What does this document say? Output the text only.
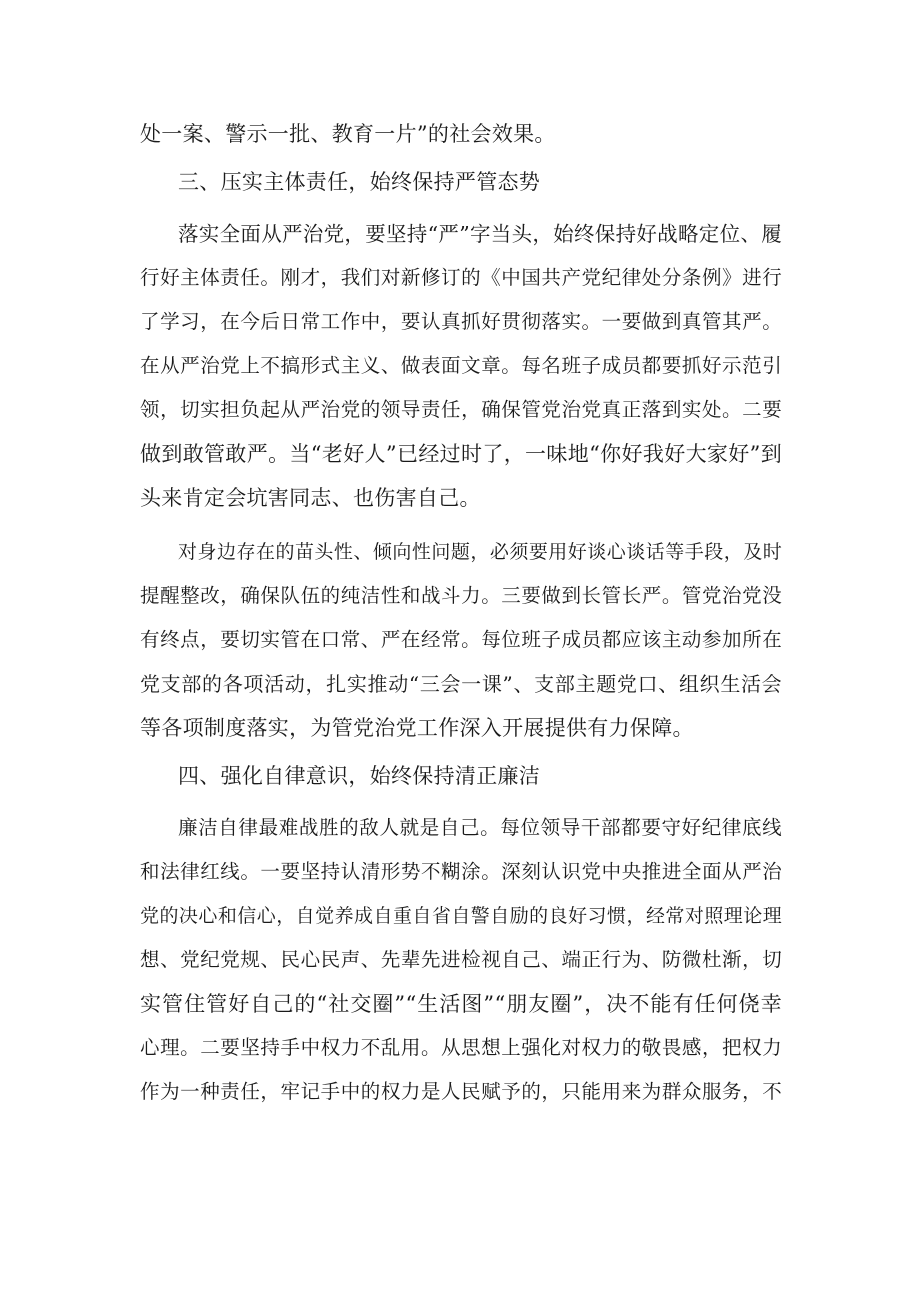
处一案、警示一批、教育一片”的社会效果。
三、压实主体责任，始终保持严管态势
落实全面从严治党，要坚持“严”字当头，始终保持好战略定位、履
行好主体责任。刚才，我们对新修订的《中国共产党纪律处分条例》进行
了学习，在今后日常工作中，要认真抓好贯彻落实。一要做到真管其严。
在从严治党上不搞形式主义、做表面文章。每名班子成员都要抓好示范引
领，切实担负起从严治党的领导责任，确保管党治党真正落到实处。二要
做到敢管敢严。当“老好人”已经过时了，一味地“你好我好大家好”到
头来肯定会坑害同志、也伤害自己。
对身边存在的苗头性、倾向性问题，必须要用好谈心谈话等手段，及时
提醒整改，确保队伍的纯洁性和战斗力。三要做到长管长严。管党治党没
有终点，要切实管在口常、严在经常。每位班子成员都应该主动参加所在
党支部的各项活动，扎实推动“三会一课”、支部主题党口、组织生活会
等各项制度落实，为管党治党工作深入开展提供有力保障。
四、强化自律意识，始终保持清正廉洁
廉洁自律最难战胜的敌人就是自己。每位领导干部都要守好纪律底线
和法律红线。一要坚持认清形势不糊涂。深刻认识党中央推进全面从严治
党的决心和信心，自觉养成自重自省自警自励的良好习惯，经常对照理论理
想、党纪党规、民心民声、先辈先进检视自己、端正行为、防微杜渐，切
实管住管好自己的“社交圈”“生活图”“朋友圈”，决不能有任何侥幸
心理。二要坚持手中权力不乱用。从思想上强化对权力的敬畏感，把权力
作为一种责任，牢记手中的权力是人民赋予的，只能用来为群众服务，不
